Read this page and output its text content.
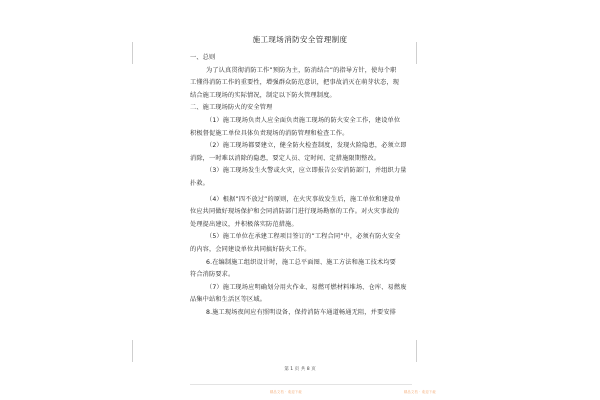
施工现场消防安全管理制度
一、总则
为了认真贯彻消防工作”预防为主，防消结合”的指导方针，使每个职
工懂得消防工作的重要性，增强群众防范意识，把事故消灭在萌芽状态，现
结合施工现场的实际情况，制定以下防火管理制度。
二、施工现场防火的安全管理
（1）施工现场负责人应全面负责施工现场的防火安全工作，建设单位
积极督促施工单位具体负责现场的消防管理和检查工作。
（2）施工现场都要建立，健全防火检查制度，发现火险隐患，必须立即
消除，一时难以消除的隐患，要定人员、定时间、定措施限期整改。
（3）施工现场发生火警或火灾，应立即报告公安消防部门，并组织力量
扑救。
（4）根据”四不放过”的原则，在火灾事故发生后，施工单位和建设单
位应共同做好现场保护和会同消防部门进行现场勘察的工作。对火灾事故的
处理提出建议，并积极落实防范措施。
（5）施工单位在承建工程项目签订的”工程合同”中，必须有防火安全
的内容，会同建设单位共同搞好防火工作。
6.在编制施工组织设计时，施工总平面图、施工方法和施工技术均要
符合消防要求。
（7）施工现场应明确划分用火作业、易燃可燃材料堆场、仓库、易燃废
品集中站和生活区等区域。
8.施工现场夜间应有照明设备，保持消防车通道畅通无阻，并要安排
第 1 页 共 8 页
精品文档 · 欢迎下载	精品文档 · 欢迎下载
